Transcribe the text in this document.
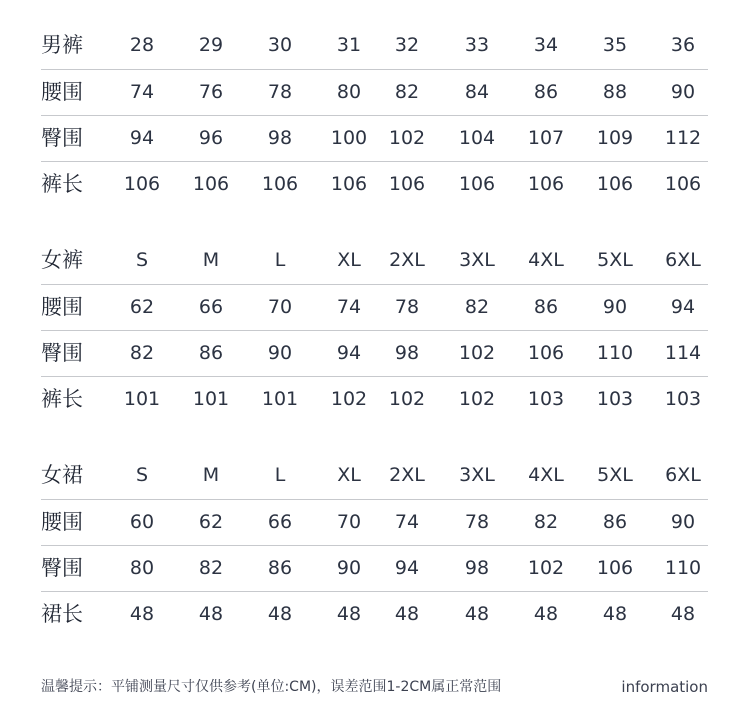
男裤	28	29	30	31	32	33	34	35	36
腰围	74	76	78	80	82	84	86	88	90
臀围	94	96	98	100	102	104	107	109	112
裤长	106	106	106	106	106	106	106	106	106
女裤	S	M	L	XL	2XL	3XL	4XL	5XL	6XL
腰围	62	66	70	74	78	82	86	90	94
臀围	82	86	90	94	98	102	106	110	114
裤长	101	101	101	102	102	102	103	103	103
女裙	S	M	L	XL	2XL	3XL	4XL	5XL	6XL
腰围	60	62	66	70	74	78	82	86	90
臀围	80	82	86	90	94	98	102	106	110
裙长	48	48	48	48	48	48	48	48	48
温馨提示：平铺测量尺寸仅供参考(单位:CM)，误差范围1-2CM属正常范围	information
